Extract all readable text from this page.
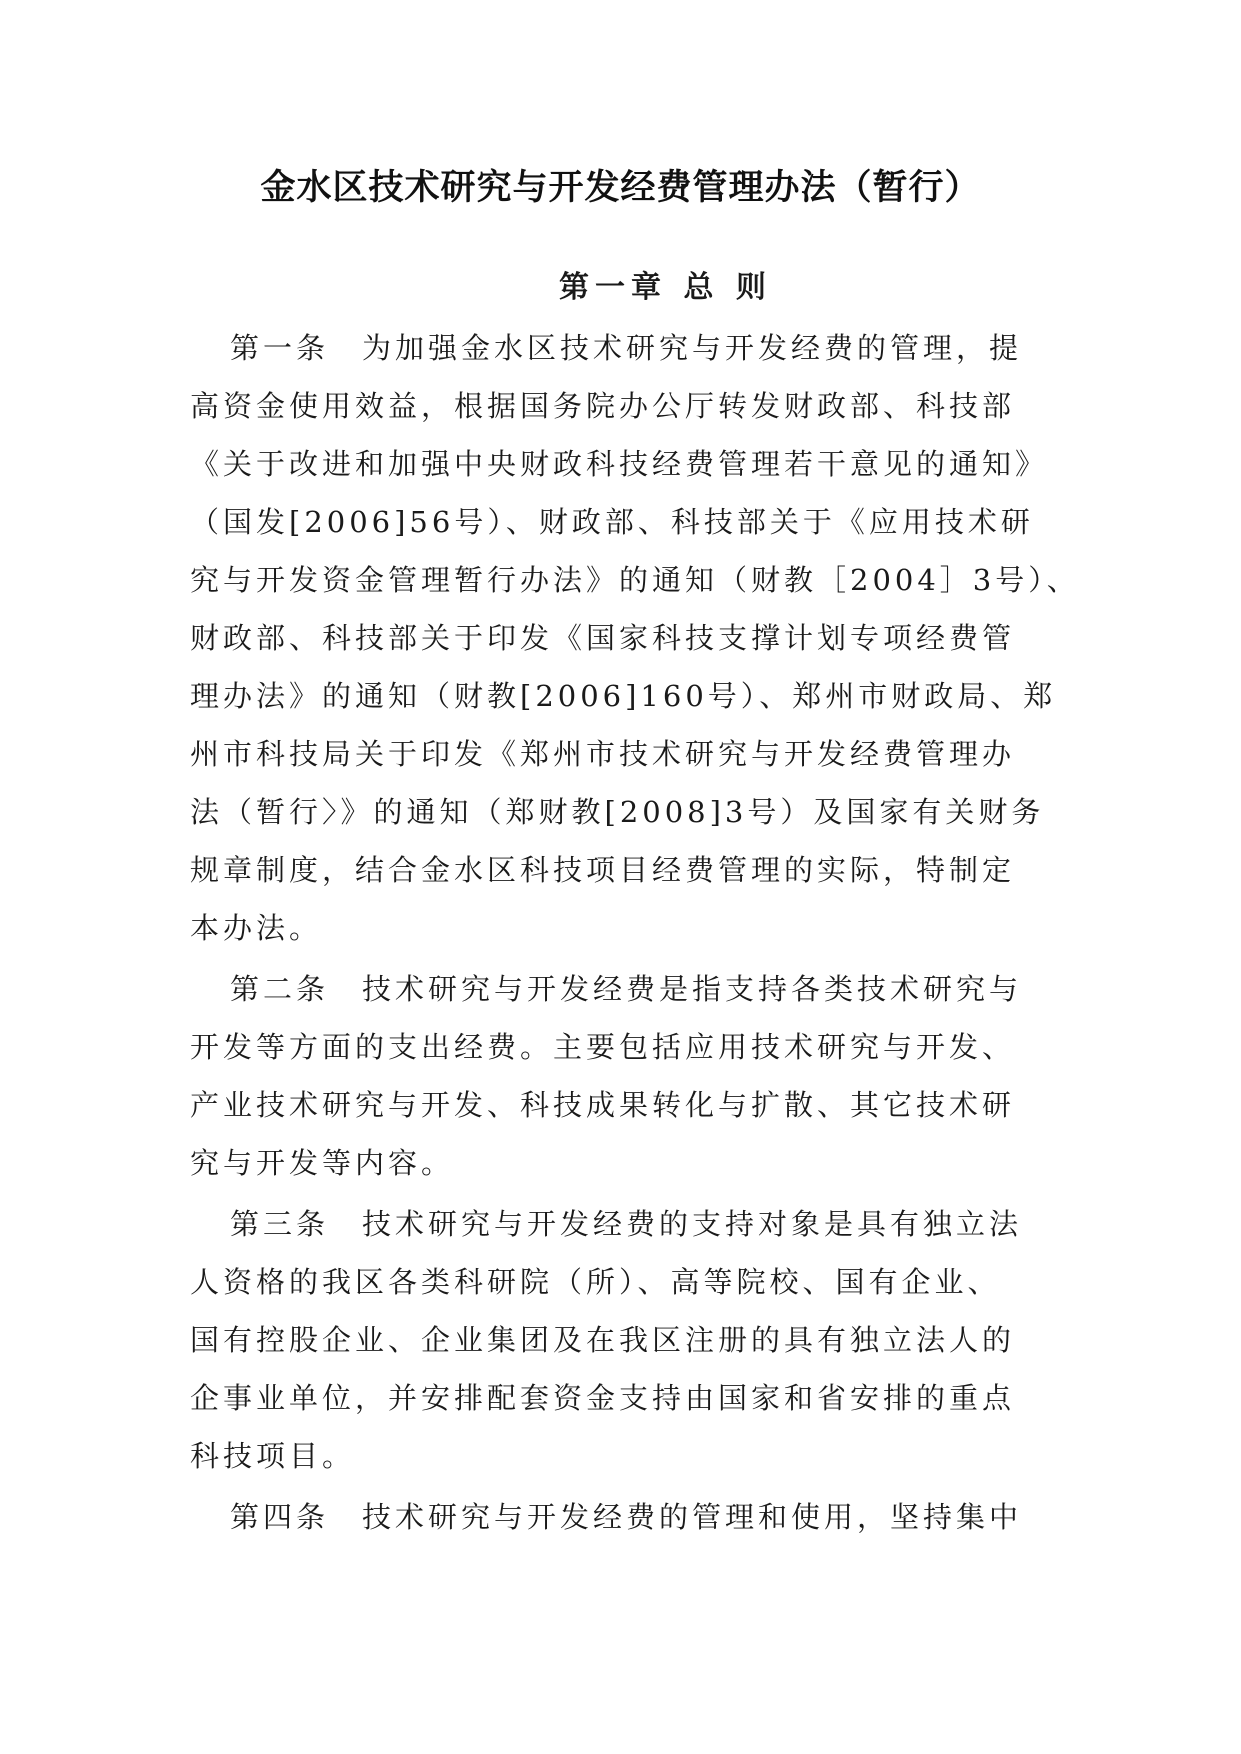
金水区技术研究与开发经费管理办法（暂行）
第一章 总 则
第一条　为加强金水区技术研究与开发经费的管理，提
高资金使用效益，根据国务院办公厅转发财政部、科技部
《关于改进和加强中央财政科技经费管理若干意见的通知》
（国发[2006]56号）、财政部、科技部关于《应用技术研
究与开发资金管理暂行办法》的通知（财教［2004］3号）、
财政部、科技部关于印发《国家科技支撑计划专项经费管
理办法》的通知（财教[2006]160号）、郑州市财政局、郑
州市科技局关于印发《郑州市技术研究与开发经费管理办
法（暂行〉》的通知（郑财教[2008]3号）及国家有关财务
规章制度，结合金水区科技项目经费管理的实际，特制定
本办法。
第二条　技术研究与开发经费是指支持各类技术研究与
开发等方面的支出经费。主要包括应用技术研究与开发、
产业技术研究与开发、科技成果转化与扩散、其它技术研
究与开发等内容。
第三条　技术研究与开发经费的支持对象是具有独立法
人资格的我区各类科研院（所）、高等院校、国有企业、
国有控股企业、企业集团及在我区注册的具有独立法人的
企事业单位，并安排配套资金支持由国家和省安排的重点
科技项目。
第四条　技术研究与开发经费的管理和使用，坚持集中
